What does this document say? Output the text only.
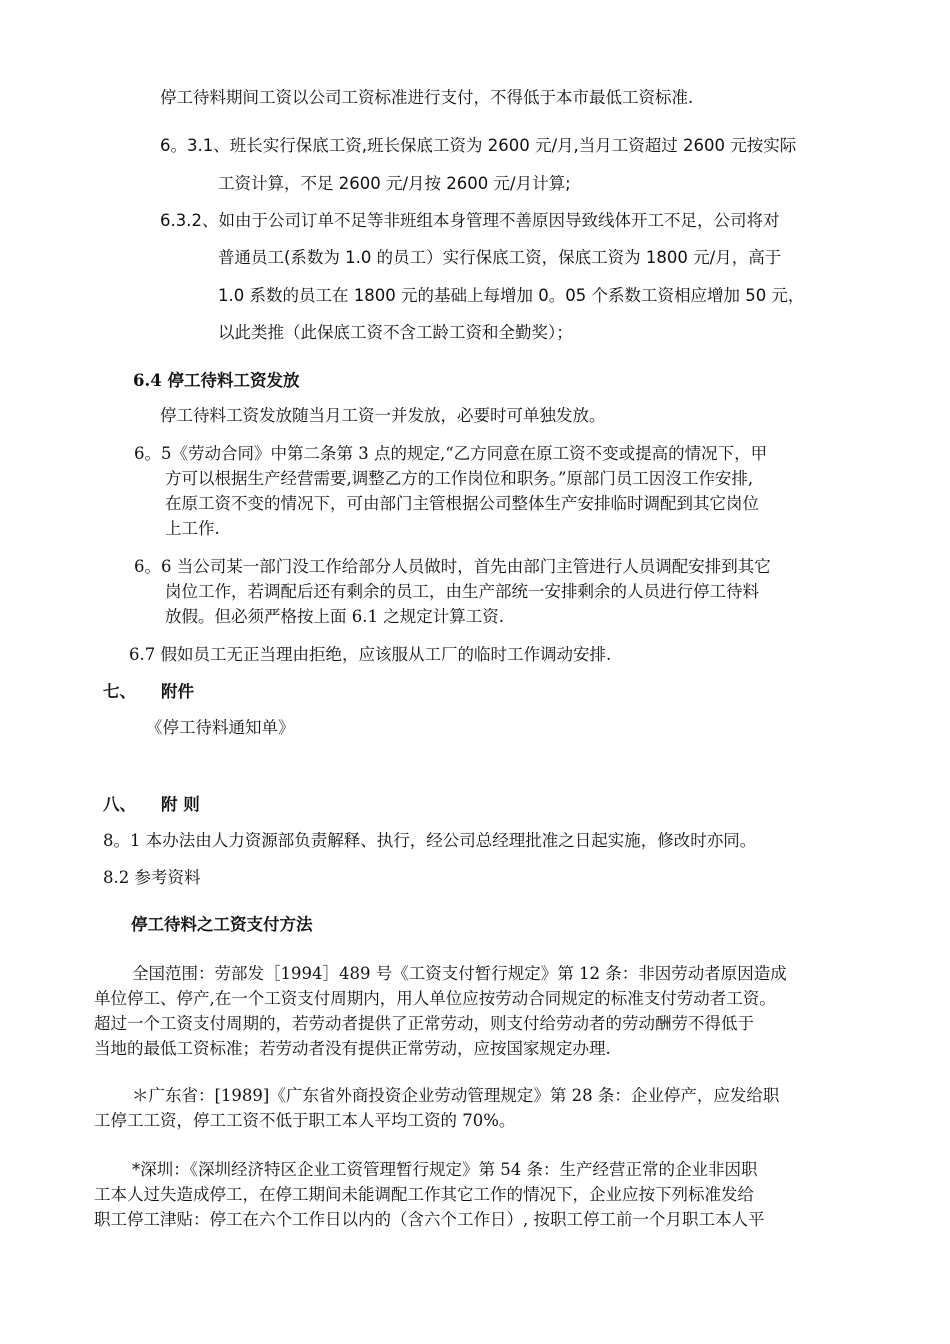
停工待料期间工资以公司工资标准进行支付，不得低于本市最低工资标准.
6。3.1、班长实行保底工资,班长保底工资为 2600 元/月,当月工资超过 2600 元按实际
工资计算，不足 2600 元/月按 2600 元/月计算;
6.3.2、如由于公司订单不足等非班组本身管理不善原因导致线体开工不足，公司将对
普通员工(系数为 1.0 的员工）实行保底工资，保底工资为 1800 元/月，高于
1.0 系数的员工在 1800 元的基础上每增加 0。05 个系数工资相应增加 50 元，
以此类推（此保底工资不含工龄工资和全勤奖）；
6.4 停工待料工资发放
停工待料工资发放随当月工资一并发放，必要时可单独发放。
6。5《劳动合同》中第二条第 3 点的规定,“乙方同意在原工资不变或提高的情况下，甲
方可以根据生产经营需要,调整乙方的工作岗位和职务。”原部门员工因沒工作安排,
在原工资不变的情况下，可由部门主管根据公司整体生产安排临时调配到其它岗位
上工作.
6。6 当公司某一部门没工作给部分人员做时，首先由部门主管进行人员调配安排到其它
岗位工作，若调配后还有剩余的员工，由生产部统一安排剩余的人员进行停工待料
放假。但必须严格按上面 6.1 之规定计算工资.
6.7 假如员工无正当理由拒绝，应该服从工厂的临时工作调动安排.
七、 附件
《停工待料通知单》
八、 附 则
8。1 本办法由人力资源部负责解释、执行，经公司总经理批准之日起实施，修改时亦同。
8.2 参考资料
停工待料之工资支付方法
全国范围：劳部发［1994］489 号《工资支付暂行规定》第 12 条：非因劳动者原因造成
单位停工、停产,在一个工资支付周期内，用人单位应按劳动合同规定的标准支付劳动者工资。
超过一个工资支付周期的，若劳动者提供了正常劳动，则支付给劳动者的劳动酬劳不得低于
当地的最低工资标准；若劳动者没有提供正常劳动，应按国家规定办理.
＊广东省：[1989]《广东省外商投资企业劳动管理规定》第 28 条：企业停产，应发给职
工停工工资，停工工资不低于职工本人平均工资的 70%。
*深圳：《深圳经济特区企业工资管理暂行规定》第 54 条：生产经营正常的企业非因职
工本人过失造成停工，在停工期间未能调配工作其它工作的情况下，企业应按下列标准发给
职工停工津贴：停工在六个工作日以内的（含六个工作日）, 按职工停工前一个月职工本人平
